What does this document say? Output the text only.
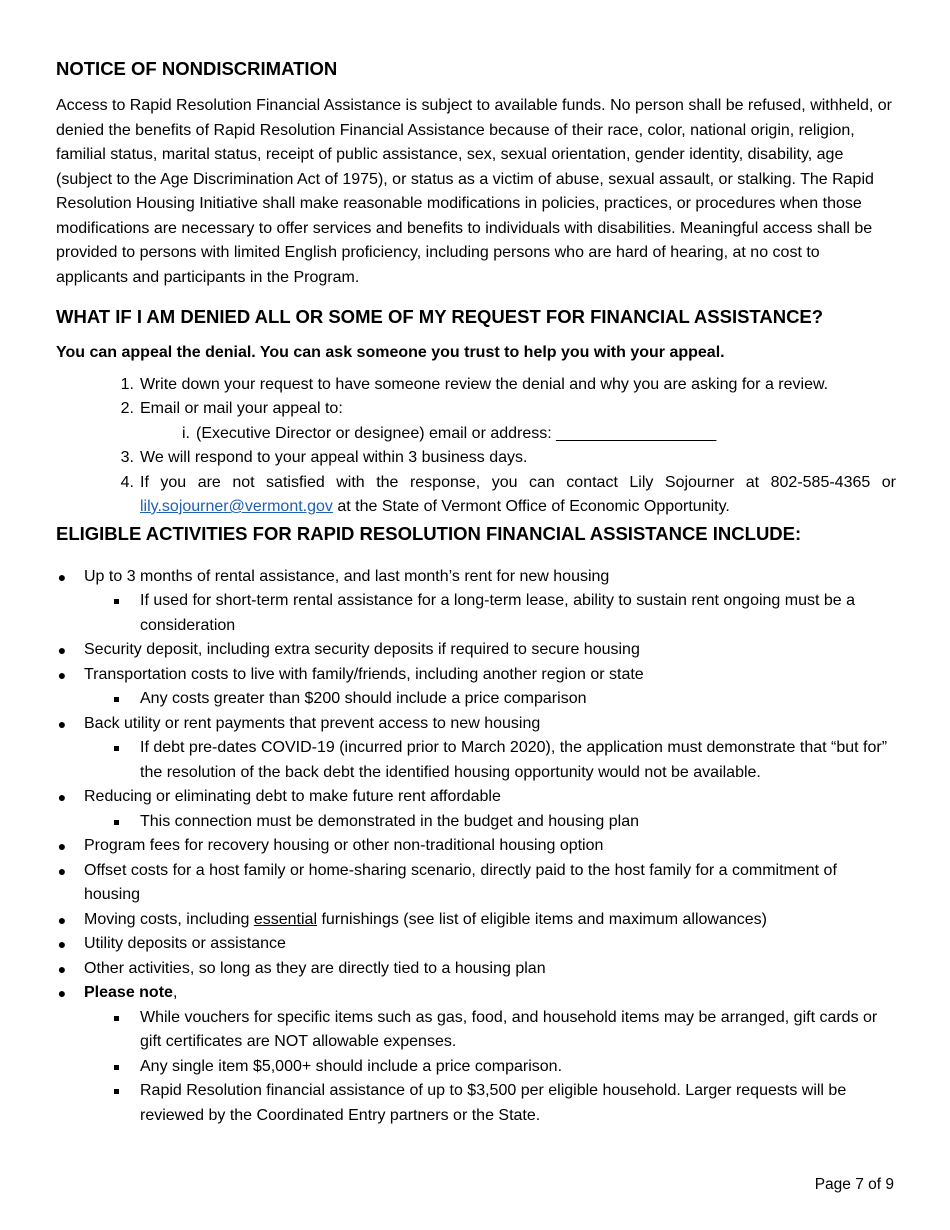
NOTICE OF NONDISCRIMATION

Access to Rapid Resolution Financial Assistance is subject to available funds. No person shall be refused, withheld, or denied the benefits of Rapid Resolution Financial Assistance because of their race, color, national origin, religion, familial status, marital status, receipt of public assistance, sex, sexual orientation, gender identity, disability, age (subject to the Age Discrimination Act of 1975), or status as a victim of abuse, sexual assault, or stalking. The Rapid Resolution Housing Initiative shall make reasonable modifications in policies, practices, or procedures when those modifications are necessary to offer services and benefits to individuals with disabilities. Meaningful access shall be provided to persons with limited English proficiency, including persons who are hard of hearing, at no cost to applicants and participants in the Program.

WHAT IF I AM DENIED ALL OR SOME OF MY REQUEST FOR FINANCIAL ASSISTANCE?

You can appeal the denial. You can ask someone you trust to help you with your appeal.

1. Write down your request to have someone review the denial and why you are asking for a review.
2. Email or mail your appeal to:
i. (Executive Director or designee) email or address: __________________
3. We will respond to your appeal within 3 business days.
4. If you are not satisfied with the response, you can contact Lily Sojourner at 802-585-4365 or lily.sojourner@vermont.gov at the State of Vermont Office of Economic Opportunity.
ELIGIBLE ACTIVITIES FOR RAPID RESOLUTION FINANCIAL ASSISTANCE INCLUDE:
● Up to 3 months of rental assistance, and last month’s rent for new housing
If used for short-term rental assistance for a long-term lease, ability to sustain rent ongoing must be a consideration
● Security deposit, including extra security deposits if required to secure housing
● Transportation costs to live with family/friends, including another region or state
Any costs greater than $200 should include a price comparison
● Back utility or rent payments that prevent access to new housing
If debt pre-dates COVID-19 (incurred prior to March 2020), the application must demonstrate that “but for” the resolution of the back debt the identified housing opportunity would not be available.
● Reducing or eliminating debt to make future rent affordable
This connection must be demonstrated in the budget and housing plan
● Program fees for recovery housing or other non-traditional housing option
● Offset costs for a host family or home-sharing scenario, directly paid to the host family for a commitment of housing
● Moving costs, including essential furnishings (see list of eligible items and maximum allowances)
● Utility deposits or assistance
● Other activities, so long as they are directly tied to a housing plan
● Please note,
While vouchers for specific items such as gas, food, and household items may be arranged, gift cards or gift certificates are NOT allowable expenses.
Any single item $5,000+ should include a price comparison.
Rapid Resolution financial assistance of up to $3,500 per eligible household. Larger requests will be reviewed by the Coordinated Entry partners or the State.
Page 7 of 9
